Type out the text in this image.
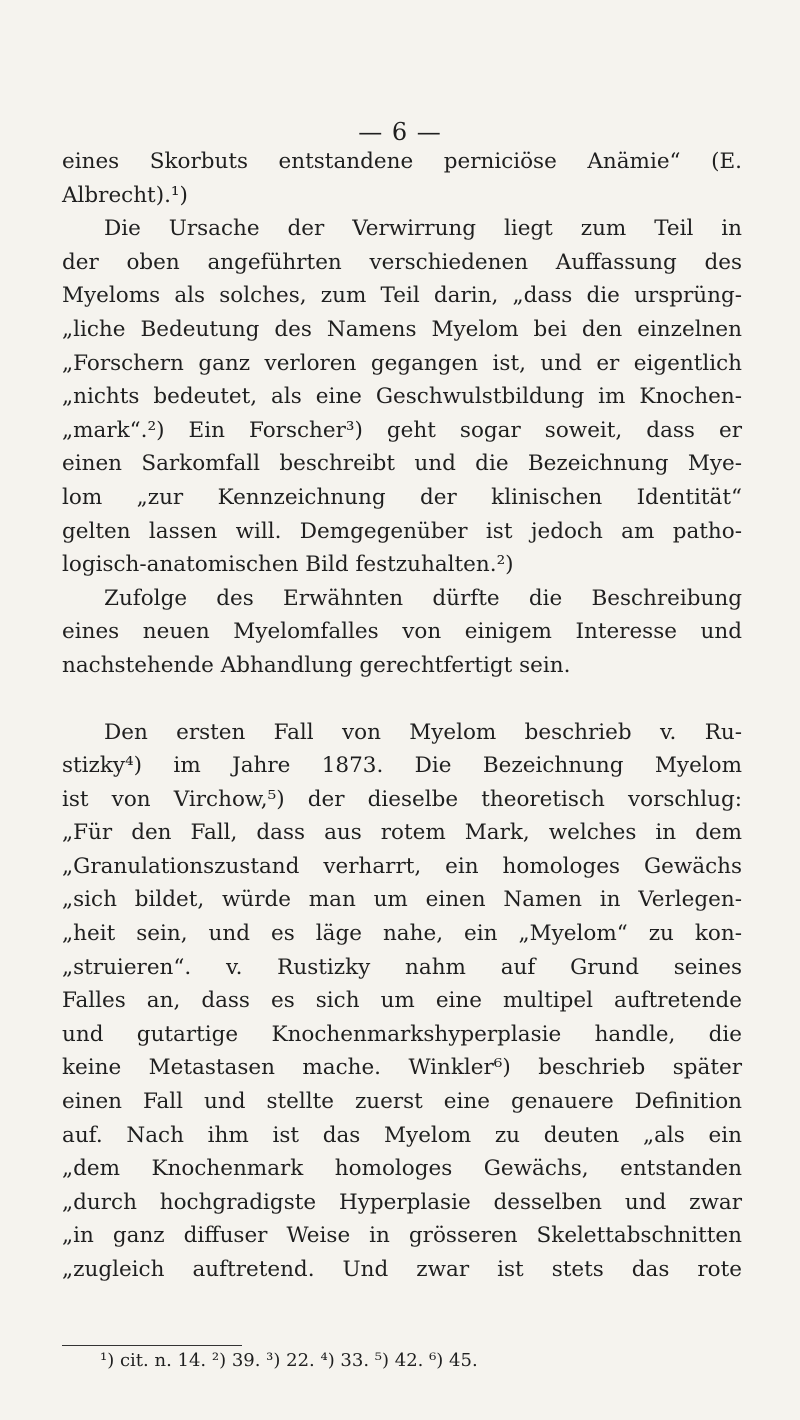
— 6 —
eines Skorbuts entstandene perniciöse Anämie“ (E.
Albrecht).¹)
Die Ursache der Verwirrung liegt zum Teil in
der oben angeführten verschiedenen Auffassung des
Myeloms als solches, zum Teil darin, „dass die ursprüng-
„liche Bedeutung des Namens Myelom bei den einzelnen
„Forschern ganz verloren gegangen ist, und er eigentlich
„nichts bedeutet, als eine Geschwulstbildung im Knochen-
„mark“.²) Ein Forscher³) geht sogar soweit, dass er
einen Sarkomfall beschreibt und die Bezeichnung Mye-
lom „zur Kennzeichnung der klinischen Identität“
gelten lassen will. Demgegenüber ist jedoch am patho-
logisch-anatomischen Bild festzuhalten.²)
Zufolge des Erwähnten dürfte die Beschreibung
eines neuen Myelomfalles von einigem Interesse und
nachstehende Abhandlung gerechtfertigt sein.
Den ersten Fall von Myelom beschrieb v. Ru-
stizky⁴) im Jahre 1873. Die Bezeichnung Myelom
ist von Virchow,⁵) der dieselbe theoretisch vorschlug:
„Für den Fall, dass aus rotem Mark, welches in dem
„Granulationszustand verharrt, ein homologes Gewächs
„sich bildet, würde man um einen Namen in Verlegen-
„heit sein, und es läge nahe, ein „Myelom“ zu kon-
„struieren“. v. Rustizky nahm auf Grund seines
Falles an, dass es sich um eine multipel auftretende
und gutartige Knochenmarkshyperplasie handle, die
keine Metastasen mache. Winkler⁶) beschrieb später
einen Fall und stellte zuerst eine genauere Definition
auf. Nach ihm ist das Myelom zu deuten „als ein
„dem Knochenmark homologes Gewächs, entstanden
„durch hochgradigste Hyperplasie desselben und zwar
„in ganz diffuser Weise in grösseren Skelettabschnitten
„zugleich auftretend. Und zwar ist stets das rote
¹) cit. n. 14. ²) 39. ³) 22. ⁴) 33. ⁵) 42. ⁶) 45.
